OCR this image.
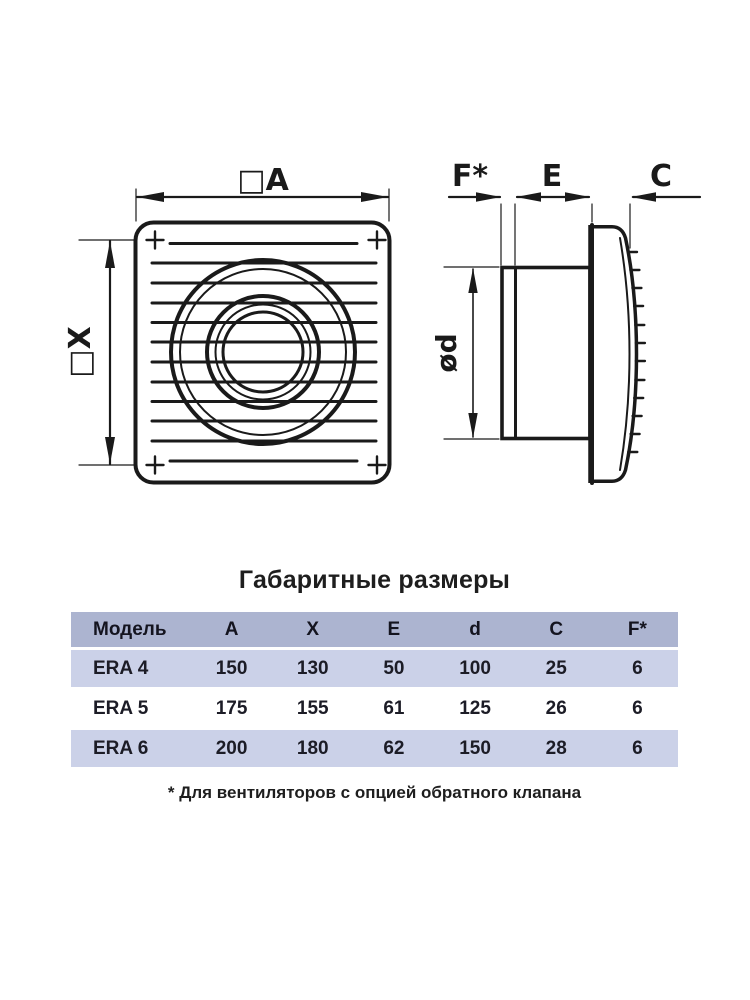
□A
□X
F* E	C
ød
Габаритные размеры
Модель	A	X	E	d	C	F*
ERA 4	150	130	50	100	25	6
ERA 5	175	155	61	125	26	6
ERA 6	200	180	62	150	28	6
* Для вентиляторов с опцией обратного клапана
